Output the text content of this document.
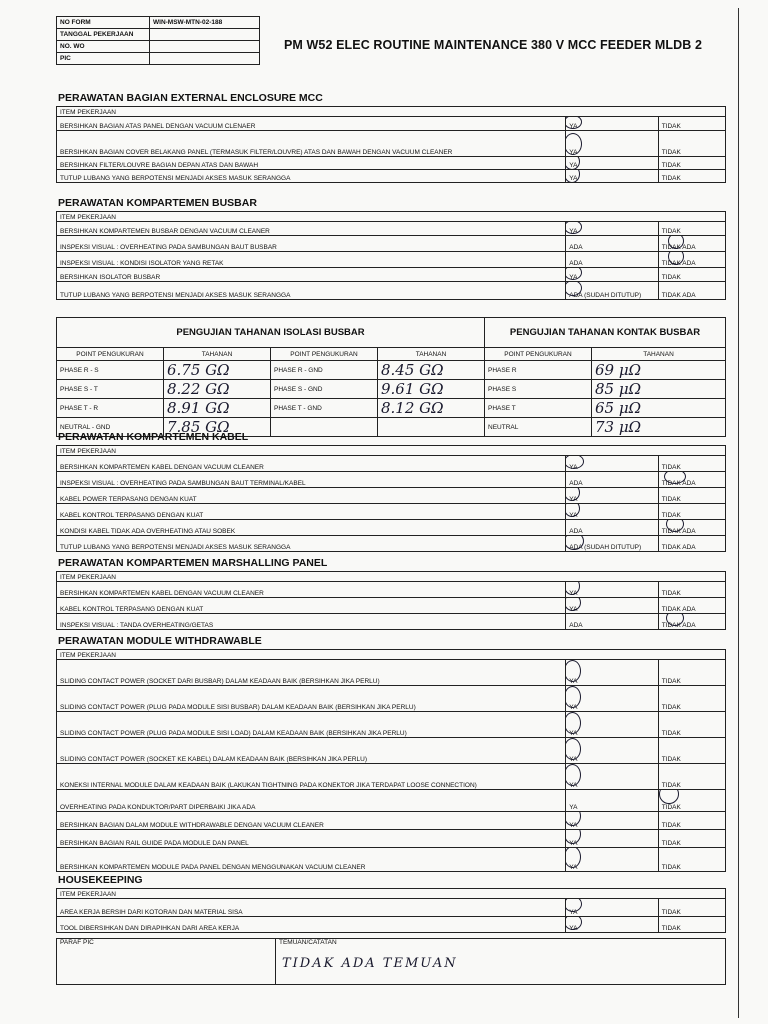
NO FORM	WIN-MSW-MTN-02-188
TANGGAL PEKERJAAN	
NO. WO	
PIC	
PM W52 ELEC ROUTINE MAINTENANCE 380 V MCC FEEDER MLDB 2
PERAWATAN BAGIAN EXTERNAL ENCLOSURE MCC
ITEM PEKERJAAN		
BERSIHKAN BAGIAN ATAS PANEL DENGAN VACUUM CLENAER	YA	TIDAK
BERSIHKAN BAGIAN COVER BELAKANG PANEL (TERMASUK FILTER/LOUVRE) ATAS DAN BAWAH DENGAN VACUUM CLEANER	YA	TIDAK
BERSIHKAN FILTER/LOUVRE BAGIAN DEPAN ATAS DAN BAWAH	YA	TIDAK
TUTUP LUBANG YANG BERPOTENSI MENJADI AKSES MASUK SERANGGA	YA	TIDAK
PERAWATAN KOMPARTEMEN BUSBAR
ITEM PEKERJAAN		
BERSIHKAN KOMPARTEMEN BUSBAR DENGAN VACUUM CLEANER	YA	TIDAK
INSPEKSI VISUAL : OVERHEATING PADA SAMBUNGAN BAUT BUSBAR	ADA	TIDAK ADA

INSPEKSI VISUAL : KONDISI ISOLATOR YANG RETAK	ADA	TIDAK ADA

BERSIHKAN ISOLATOR BUSBAR	YA	TIDAK
TUTUP LUBANG YANG BERPOTENSI MENJADI AKSES MASUK SERANGGA	ADA (SUDAH DITUTUP)	TIDAK ADA
PENGUJIAN TAHANAN ISOLASI BUSBAR				PENGUJIAN TAHANAN KONTAK BUSBAR	
POINT PENGUKURAN	TAHANAN	POINT PENGUKURAN	TAHANAN	POINT PENGUKURAN	TAHANAN
PHASE R - S	6.75 GΩ	PHASE R - GND	8.45 GΩ	PHASE R	69 μΩ
PHASE S - T	8.22 GΩ	PHASE S - GND	9.61 GΩ	PHASE S	85 μΩ
PHASE T - R	8.91 GΩ	PHASE T - GND	8.12 GΩ	PHASE T	65 μΩ
NEUTRAL - GND	7.85 GΩ			NEUTRAL	73 μΩ
PERAWATAN KOMPARTEMEN KABEL
ITEM PEKERJAAN		
BERSIHKAN KOMPARTEMEN KABEL DENGAN VACUUM CLEANER	YA	TIDAK
INSPEKSI VISUAL : OVERHEATING PADA SAMBUNGAN BAUT TERMINAL/KABEL	ADA	TIDAK ADA

KABEL POWER TERPASANG DENGAN KUAT	YA	TIDAK
KABEL KONTROL TERPASANG DENGAN KUAT	YA	TIDAK
KONDISI KABEL TIDAK ADA OVERHEATING ATAU SOBEK	ADA	TIDAK ADA

TUTUP LUBANG YANG BERPOTENSI MENJADI AKSES MASUK SERANGGA	ADA (SUDAH DITUTUP)	TIDAK ADA
PERAWATAN KOMPARTEMEN MARSHALLING PANEL
ITEM PEKERJAAN		
BERSIHKAN KOMPARTEMEN KABEL DENGAN VACUUM CLEANER	YA	TIDAK
KABEL KONTROL TERPASANG DENGAN KUAT	YA	TIDAK ADA
INSPEKSI VISUAL : TANDA OVERHEATING/GETAS	ADA	TIDAK ADA
PERAWATAN MODULE WITHDRAWABLE
ITEM PEKERJAAN		
SLIDING CONTACT POWER (SOCKET DARI BUSBAR) DALAM KEADAAN BAIK (BERSIHKAN JIKA PERLU)	YA	TIDAK
SLIDING CONTACT POWER (PLUG PADA MODULE SISI BUSBAR) DALAM KEADAAN BAIK (BERSIHKAN JIKA PERLU)	YA	TIDAK
SLIDING CONTACT POWER (PLUG PADA MODULE SISI LOAD) DALAM KEADAAN BAIK (BERSIHKAN JIKA PERLU)	YA	TIDAK
SLIDING CONTACT POWER (SOCKET KE KABEL) DALAM KEADAAN BAIK (BERSIHKAN JIKA PERLU)	YA	TIDAK
KONEKSI INTERNAL MODULE DALAM KEADAAN BAIK (LAKUKAN TIGHTNING PADA KONEKTOR JIKA TERDAPAT LOOSE CONNECTION)	YA	TIDAK
OVERHEATING PADA KONDUKTOR/PART DIPERBAIKI JIKA ADA	YA	TIDAK

BERSIHKAN BAGIAN DALAM MODULE WITHDRAWABLE DENGAN VACUUM CLEANER	YA	TIDAK
BERSIHKAN BAGIAN RAIL GUIDE PADA MODULE DAN PANEL	YA	TIDAK
BERSIHKAN KOMPARTEMEN MODULE PADA PANEL DENGAN MENGGUNAKAN VACUUM CLEANER	YA	TIDAK
HOUSEKEEPING
ITEM PEKERJAAN		
AREA KERJA BERSIH DARI KOTORAN DAN MATERIAL SISA	YA	TIDAK
TOOL DIBERSIHKAN DAN DIRAPIHKAN DARI AREA KERJA	YA	TIDAK
PARAF PIC	TEMUAN/CATATAN
TIDAK ADA TEMUAN
